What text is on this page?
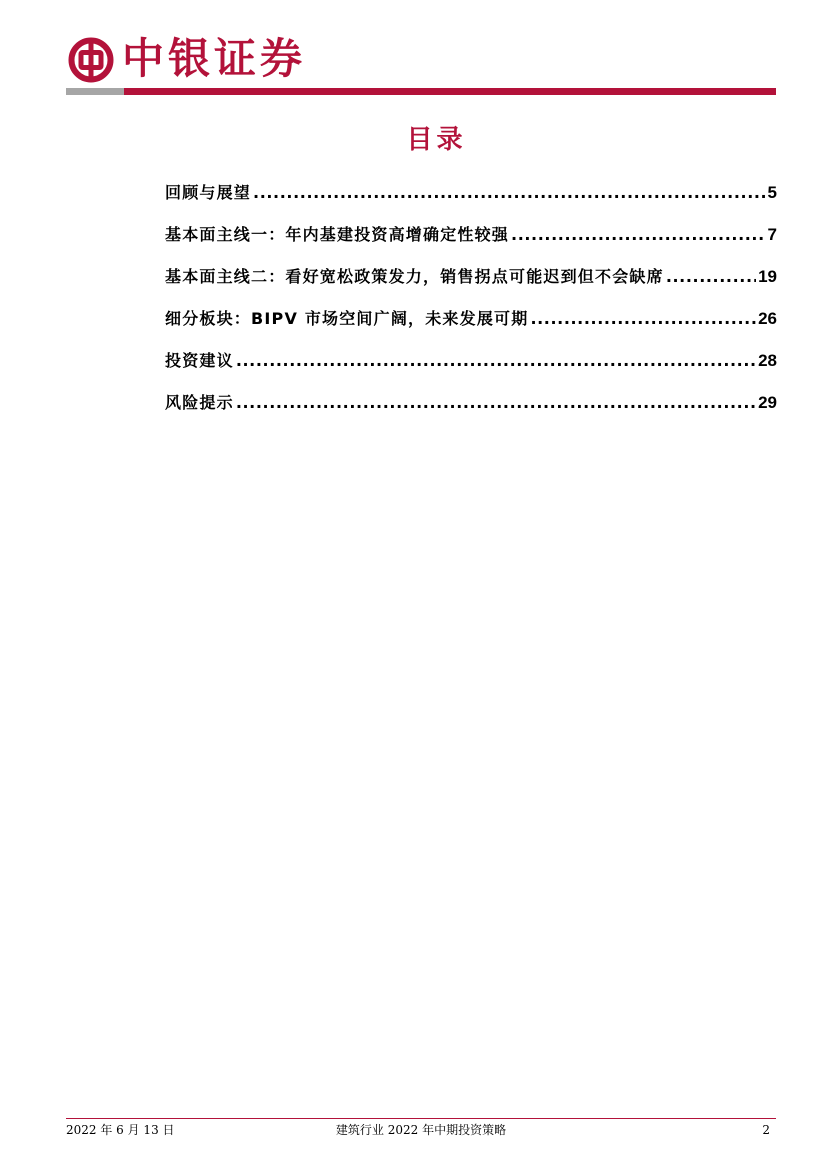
中银证券
目录
回顾与展望 .....	5
基本面主线一：年内基建投资高增确定性较强 .....	7
基本面主线二：看好宽松政策发力，销售拐点可能迟到但不会缺席 .....	19
细分板块：BIPV 市场空间广阔，未来发展可期 .....	26
投资建议 .....	28
风险提示 .....	29
2022 年 6 月 13 日	建筑行业 2022 年中期投资策略	2
